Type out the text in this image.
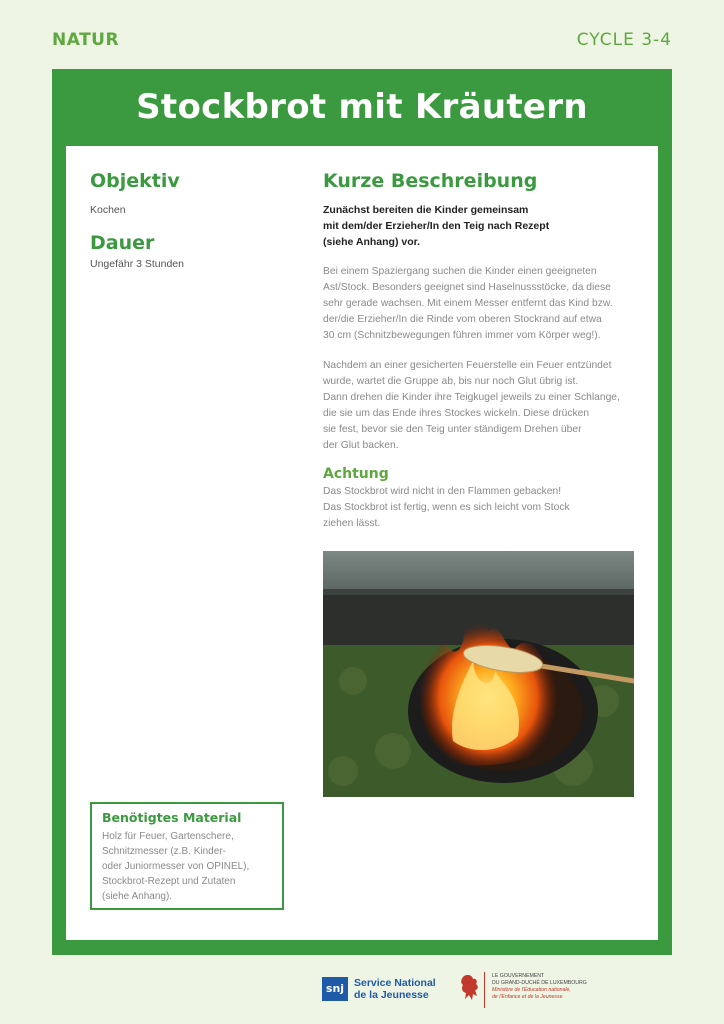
NATUR	CYCLE 3-4
Stockbrot mit Kräutern
Objektiv

Kochen

Dauer

Ungefähr 3 Stunden

Kurze Beschreibung

Zunächst bereiten die Kinder gemeinsam

mit dem/der Erzieher/In den Teig nach Rezept

(siehe Anhang) vor.

Bei einem Spaziergang suchen die Kinder einen geeigneten

Ast/Stock. Besonders geeignet sind Haselnussstöcke, da diese

sehr gerade wachsen. Mit einem Messer entfernt das Kind bzw.

der/die Erzieher/In die Rinde vom oberen Stockrand auf etwa

30 cm (Schnitzbewegungen führen immer vom Körper weg!).

Nachdem an einer gesicherten Feuerstelle ein Feuer entzündet

wurde, wartet die Gruppe ab, bis nur noch Glut übrig ist.

Dann drehen die Kinder ihre Teigkugel jeweils zu einer Schlange,

die sie um das Ende ihres Stockes wickeln. Diese drücken

sie fest, bevor sie den Teig unter ständigem Drehen über

der Glut backen.

Achtung

Das Stockbrot wird nicht in den Flammen gebacken!

Das Stockbrot ist fertig, wenn es sich leicht vom Stock

ziehen lässt.

Benötigtes Material

Holz für Feuer, Gartenschere,

Schnitzmesser (z.B. Kinder-

oder Juniormesser von OPINEL),

Stockbrot-Rezept und Zutaten

(siehe Anhang).

snj Service National
de la Jeunesse
LE GOUVERNEMENT
DU GRAND-DUCHÉ DE LUXEMBOURG
Ministère de l'Éducation nationale,
de l'Enfance et de la Jeunesse
